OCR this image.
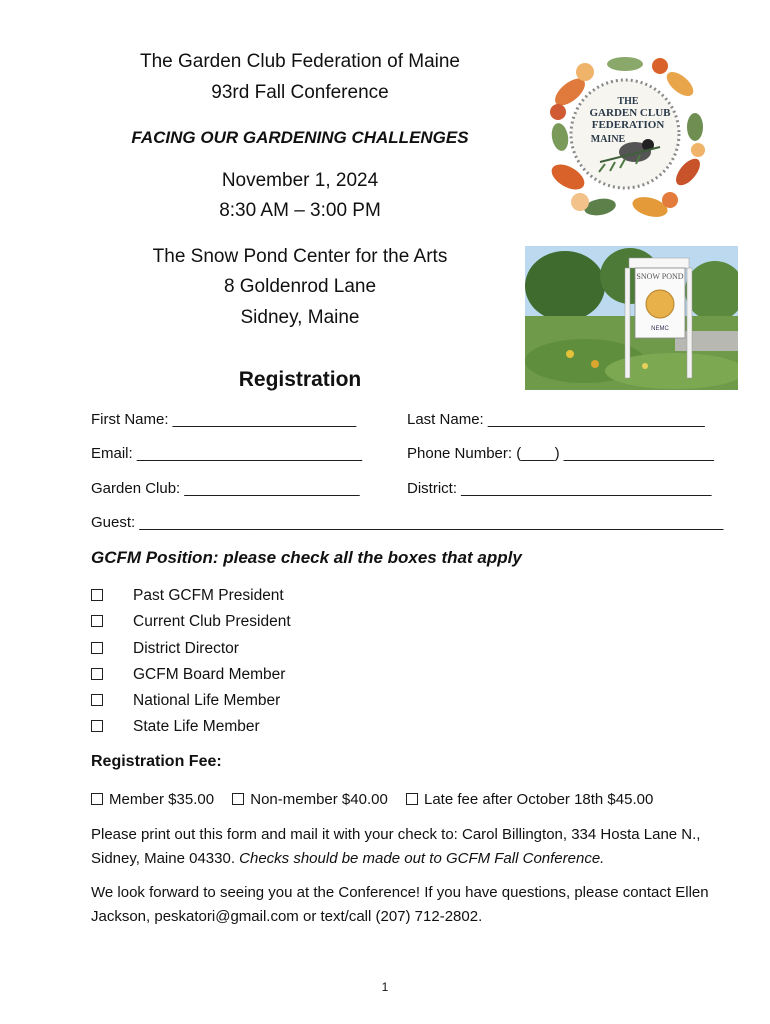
The Garden Club Federation of Maine
93rd Fall Conference
FACING OUR GARDENING CHALLENGES
November 1, 2024
8:30 AM – 3:00 PM
The Snow Pond Center for the Arts
8 Goldenrod Lane
Sidney, Maine
THE
GARDEN CLUB
FEDERATION
MAINE
SNOW POND
NEMC
Registration
First Name: ______________________	Last Name: __________________________
Email: ___________________________	Phone Number: (____) __________________
Garden Club: _____________________	District: ______________________________
Guest: ______________________________________________________________________
GCFM Position: please check all the boxes that apply
Past GCFM President
Current Club President
District Director
GCFM Board Member
National Life Member
State Life Member
Registration Fee:
Member $35.00 Non-member $40.00 Late fee after October 18th $45.00
Please print out this form and mail it with your check to: Carol Billington, 334 Hosta Lane N., Sidney, Maine 04330. Checks should be made out to GCFM Fall Conference.
We look forward to seeing you at the Conference! If you have questions, please contact Ellen Jackson, peskatori@gmail.com or text/call (207) 712-2802.
1
